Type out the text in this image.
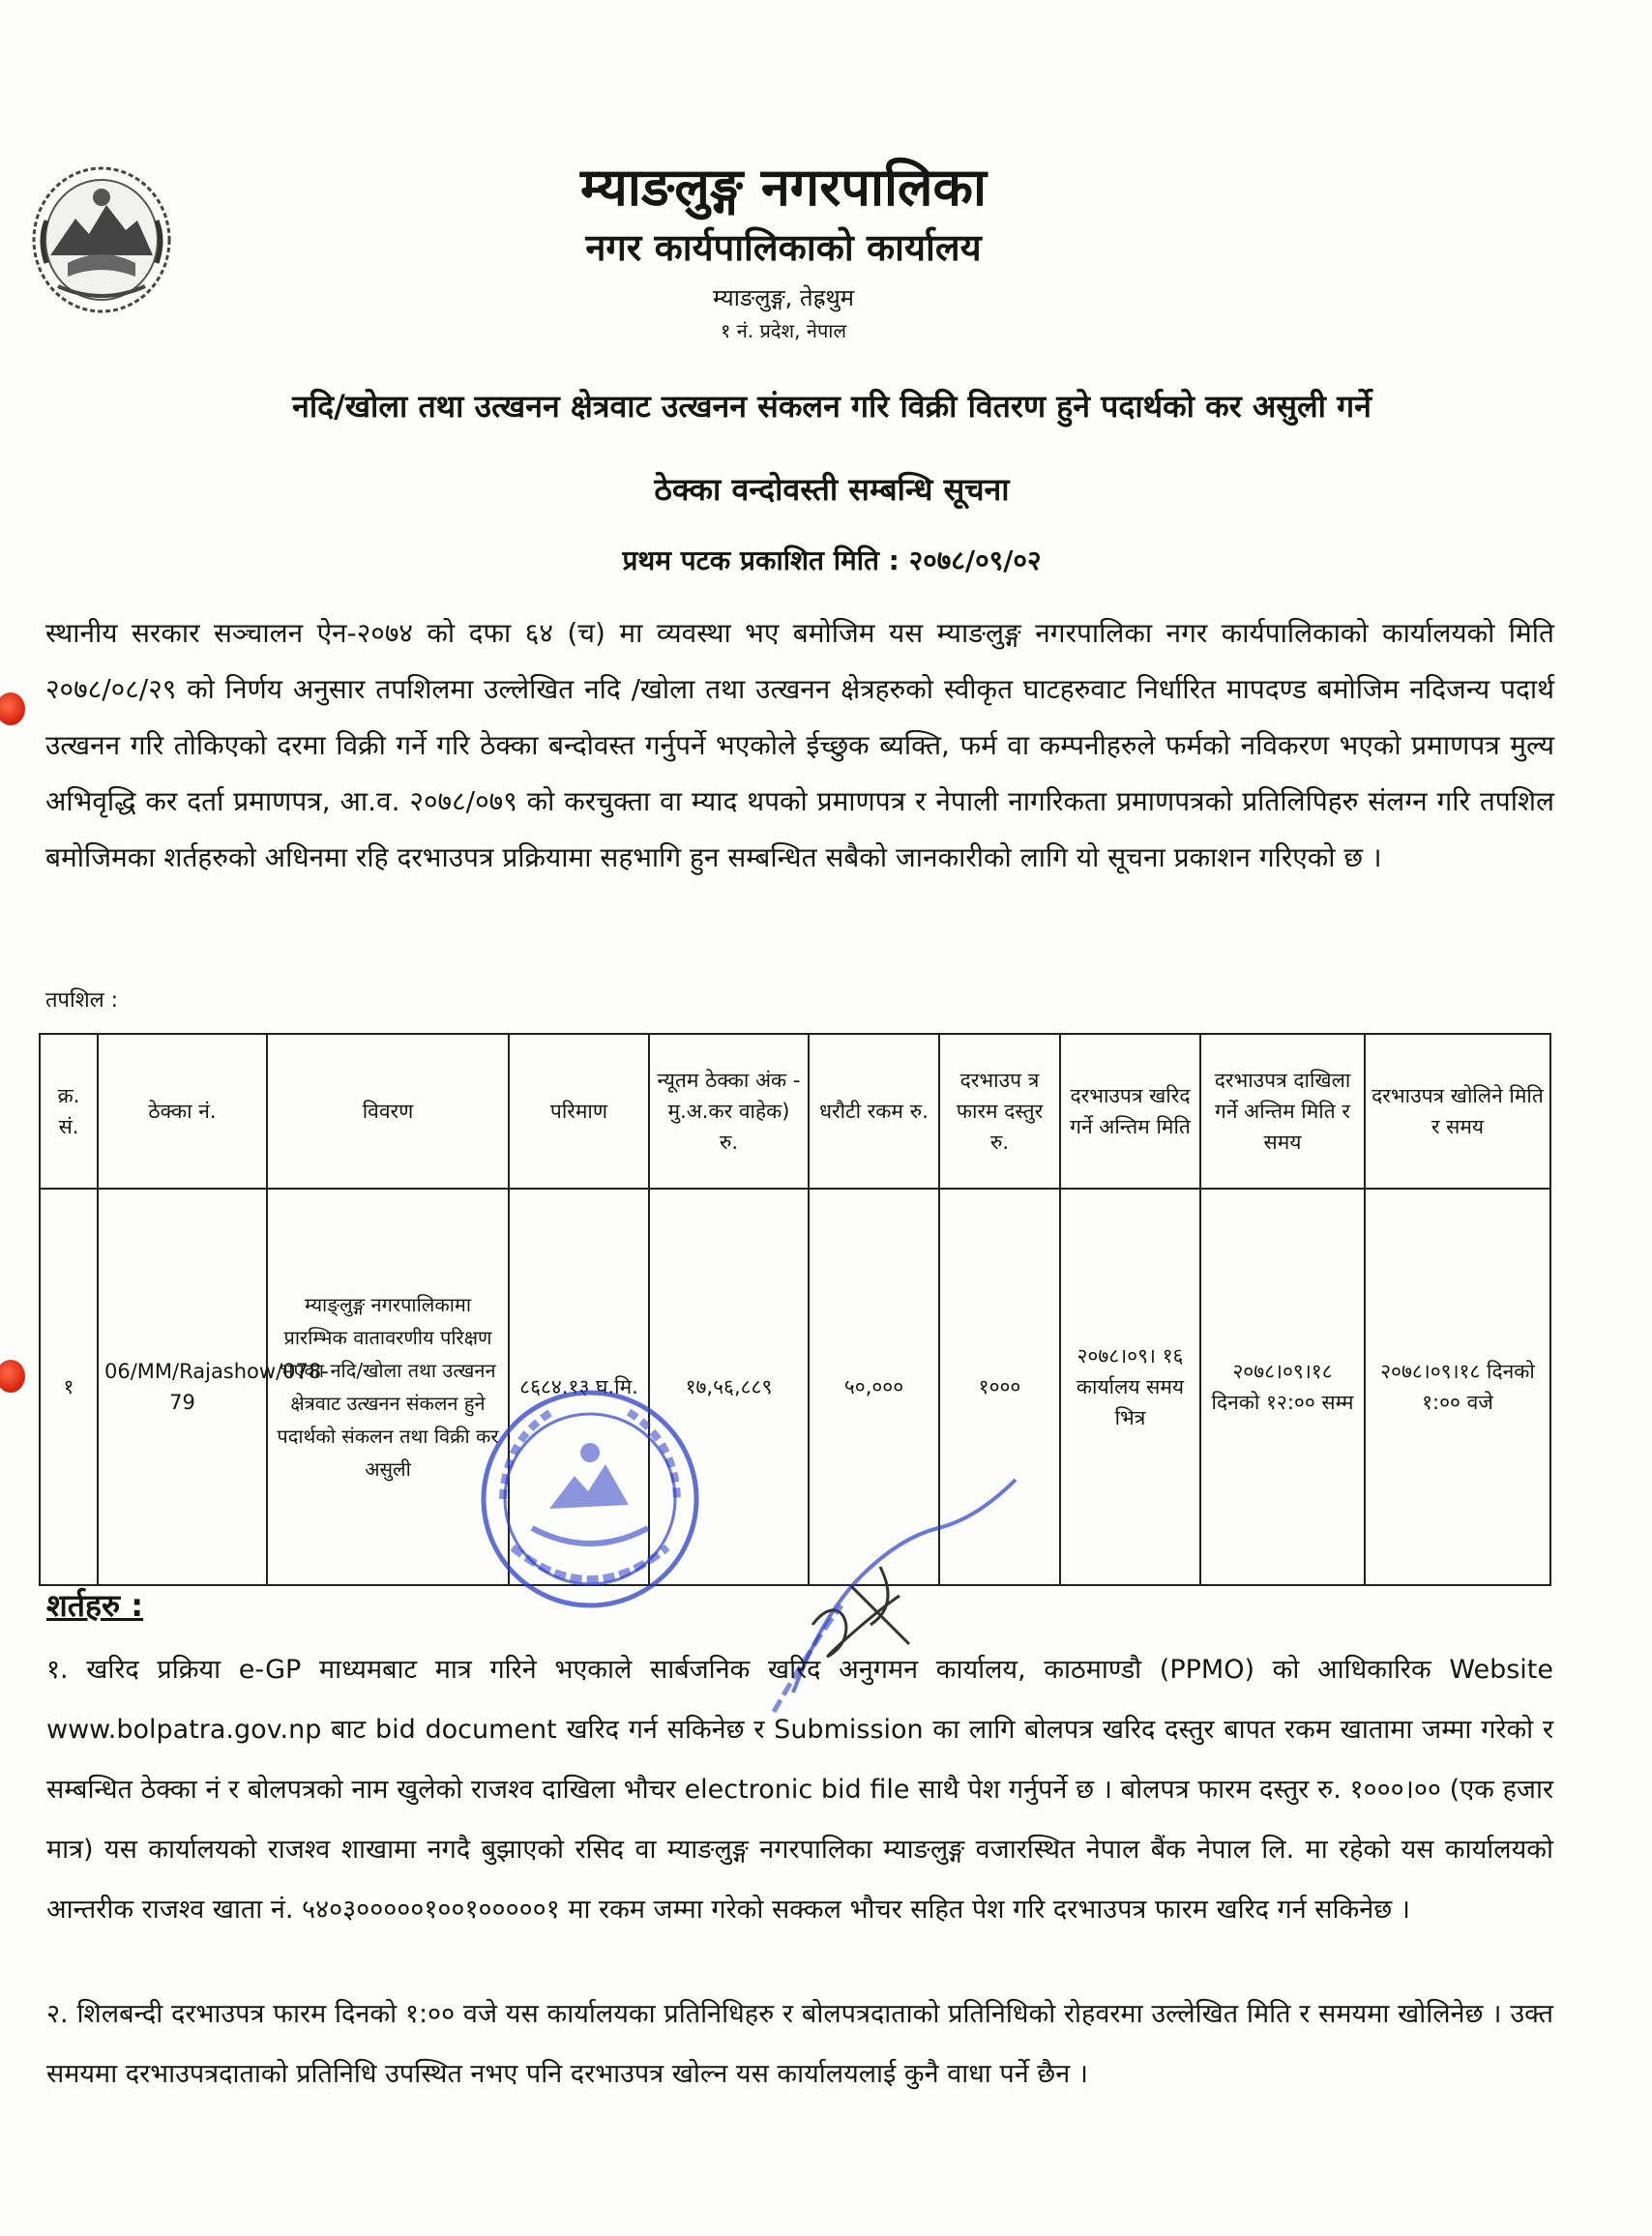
म्याङलुङ्ग नगरपालिका
नगर कार्यपालिकाको कार्यालय
म्याङलुङ्ग, तेह्रथुम
१ नं. प्रदेश, नेपाल
नदि/खोला तथा उत्खनन क्षेत्रवाट उत्खनन संकलन गरि विक्री वितरण हुने पदार्थको कर असुली गर्ने
ठेक्का वन्दोवस्ती सम्बन्धि सूचना
प्रथम पटक प्रकाशित मिति : २०७८/०९/०२
स्थानीय सरकार सञ्चालन ऐन-२०७४ को दफा ६४ (च) मा व्यवस्था भए बमोजिम यस म्याङलुङ्ग नगरपालिका नगर कार्यपालिकाको कार्यालयको मिति २०७८/०८/२९ को निर्णय अनुसार तपशिलमा उल्लेखित नदि /खोला तथा उत्खनन क्षेत्रहरुको स्वीकृत घाटहरुवाट निर्धारित मापदण्ड बमोजिम नदिजन्य पदार्थ उत्खनन गरि तोकिएको दरमा विक्री गर्ने गरि ठेक्का बन्दोवस्त गर्नुपर्ने भएकोले ईच्छुक ब्यक्ति, फर्म वा कम्पनीहरुले फर्मको नविकरण भएको प्रमाणपत्र मुल्य अभिवृद्धि कर दर्ता प्रमाणपत्र, आ.व. २०७८/०७९ को करचुक्ता वा म्याद थपको प्रमाणपत्र र नेपाली नागरिकता प्रमाणपत्रको प्रतिलिपिहरु संलग्न गरि तपशिल बमोजिमका शर्तहरुको अधिनमा रहि दरभाउपत्र प्रक्रियामा सहभागि हुन सम्बन्धित सबैको जानकारीको लागि यो सूचना प्रकाशन गरिएको छ ।
तपशिल :
क्र. सं.	ठेक्का नं.	विवरण	परिमाण	न्यूतम ठेक्का अंक - मु.अ.कर वाहेक) रु.	धरौटी रकम रु.	दरभाउप त्र फारम दस्तुर रु.	दरभाउपत्र खरिद गर्ने अन्तिम मिति	दरभाउपत्र दाखिला गर्ने अन्तिम मिति र समय	दरभाउपत्र खोलिने मिति र समय
१	06/MM/Rajashow/078-79	म्याङ्लुङ्ग नगरपालिकामा प्रारम्भिक वातावरणीय परिक्षण भएका नदि/खोला तथा उत्खनन क्षेत्रवाट उत्खनन संकलन हुने पदार्थको संकलन तथा विक्री कर असुली	८६८४.१३ घ.मि.	१७,५६,८८९	५०,०००	१०००	२०७८।०९। १६ कार्यालय समय भित्र	२०७८।०९।१८ दिनको १२:०० सम्म	२०७८।०९।१८ दिनको १:०० वजे
शर्तहरु :
१. खरिद प्रक्रिया e-GP माध्यमबाट मात्र गरिने भएकाले सार्बजनिक खरिद अनुगमन कार्यालय, काठमाण्डौ (PPMO) को आधिकारिक Website www.bolpatra.gov.np बाट bid document खरिद गर्न सकिनेछ र Submission का लागि बोलपत्र खरिद दस्तुर बापत रकम खातामा जम्मा गरेको र सम्बन्धित ठेक्का नं र बोलपत्रको नाम खुलेको राजश्व दाखिला भौचर electronic bid file साथै पेश गर्नुपर्ने छ । बोलपत्र फारम दस्तुर रु. १०००।०० (एक हजार मात्र) यस कार्यालयको राजश्व शाखामा नगदै बुझाएको रसिद वा म्याङलुङ्ग नगरपालिका म्याङलुङ्ग वजारस्थित नेपाल बैंक नेपाल लि. मा रहेको यस कार्यालयको आन्तरीक राजश्व खाता नं. ५४०३०००००१००१०००००१ मा रकम जम्मा गरेको सक्कल भौचर सहित पेश गरि दरभाउपत्र फारम खरिद गर्न सकिनेछ ।
२. शिलबन्दी दरभाउपत्र फारम दिनको १:०० वजे यस कार्यालयका प्रतिनिधिहरु र बोलपत्रदाताको प्रतिनिधिको रोहवरमा उल्लेखित मिति र समयमा खोलिनेछ । उक्त समयमा दरभाउपत्रदाताको प्रतिनिधि उपस्थित नभए पनि दरभाउपत्र खोल्न यस कार्यालयलाई कुनै वाधा पर्ने छैन ।
